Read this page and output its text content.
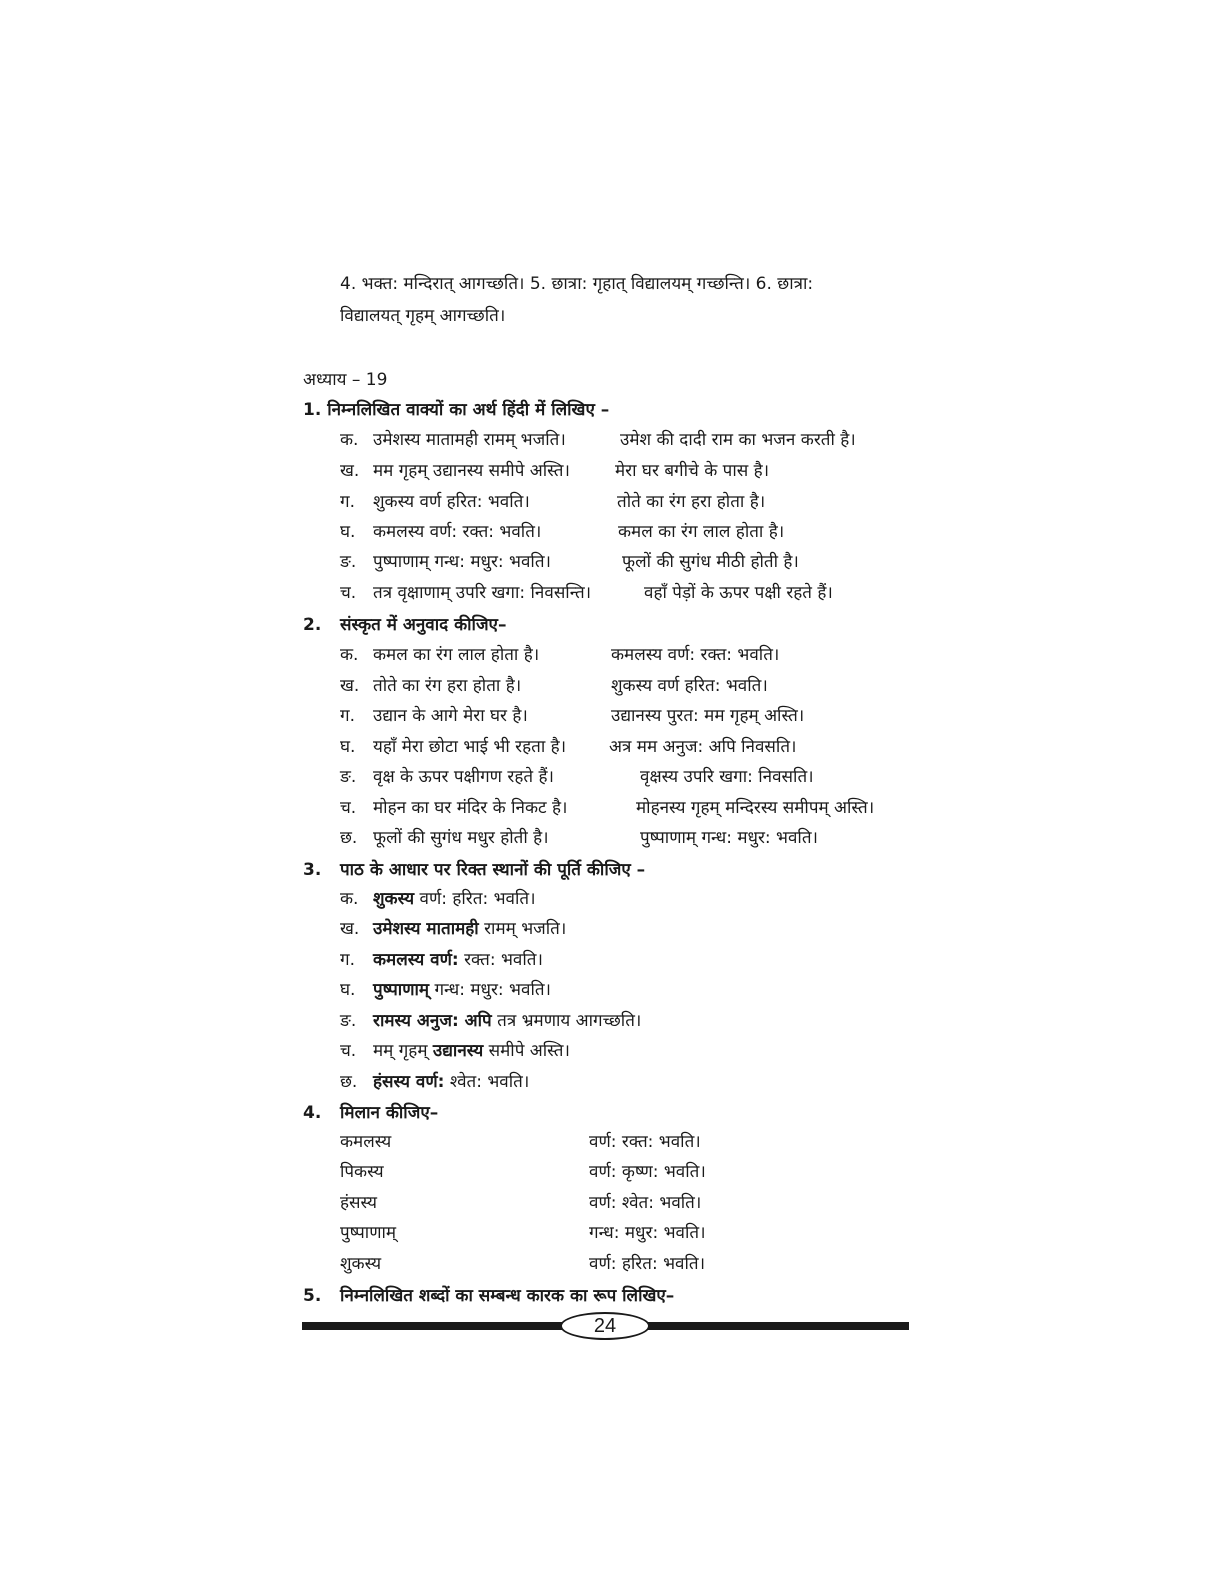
4. भक्त: मन्दिरात् आगच्छति। 5. छात्रा: गृहात् विद्यालयम् गच्छन्ति। 6. छात्रा:
विद्यालयत् गृहम् आगच्छति।
अध्याय – 19
1. निम्नलिखित वाक्यों का अर्थ हिंदी में लिखिए –
क. उमेशस्य मातामही रामम् भजति।	उमेश की दादी राम का भजन करती है।
ख. मम गृहम् उद्यानस्य समीपे अस्ति।	मेरा घर बगीचे के पास है।
ग. शुकस्य वर्ण हरित: भवति।	तोते का रंग हरा होता है।
घ. कमलस्य वर्ण: रक्त: भवति।	कमल का रंग लाल होता है।
ङ. पुष्पाणाम् गन्ध: मधुर: भवति।	फूलों की सुगंध मीठी होती है।
च. तत्र वृक्षाणाम् उपरि खगा: निवसन्ति।	वहाँ पेड़ों के ऊपर पक्षी रहते हैं।
2. संस्कृत में अनुवाद कीजिए–
क. कमल का रंग लाल होता है।	कमलस्य वर्ण: रक्त: भवति।
ख. तोते का रंग हरा होता है।	शुकस्य वर्ण हरित: भवति।
ग. उद्यान के आगे मेरा घर है।	उद्यानस्य पुरत: मम गृहम् अस्ति।
घ. यहाँ मेरा छोटा भाई भी रहता है।	अत्र मम अनुज: अपि निवसति।
ङ. वृक्ष के ऊपर पक्षीगण रहते हैं।	वृक्षस्य उपरि खगा: निवसति।
च. मोहन का घर मंदिर के निकट है।	मोहनस्य गृहम् मन्दिरस्य समीपम् अस्ति।
छ. फूलों की सुगंध मधुर होती है।	पुष्पाणाम् गन्ध: मधुर: भवति।
3. पाठ के आधार पर रिक्त स्थानों की पूर्ति कीजिए –
क. शुकस्य वर्ण: हरित: भवति।
ख. उमेशस्य मातामही रामम् भजति।
ग. कमलस्य वर्ण: रक्त: भवति।
घ. पुष्पाणाम् गन्ध: मधुर: भवति।
ङ. रामस्य अनुज: अपि तत्र भ्रमणाय आगच्छति।
च. मम् गृहम् उद्यानस्य समीपे अस्ति।
छ. हंसस्य वर्ण: श्वेत: भवति।
4. मिलान कीजिए–
कमलस्य	वर्ण: रक्त: भवति।
पिकस्य	वर्ण: कृष्ण: भवति।
हंसस्य	वर्ण: श्वेत: भवति।
पुष्पाणाम्	गन्ध: मधुर: भवति।
शुकस्य	वर्ण: हरित: भवति।
5. निम्नलिखित शब्दों का सम्बन्ध कारक का रूप लिखिए–
24
